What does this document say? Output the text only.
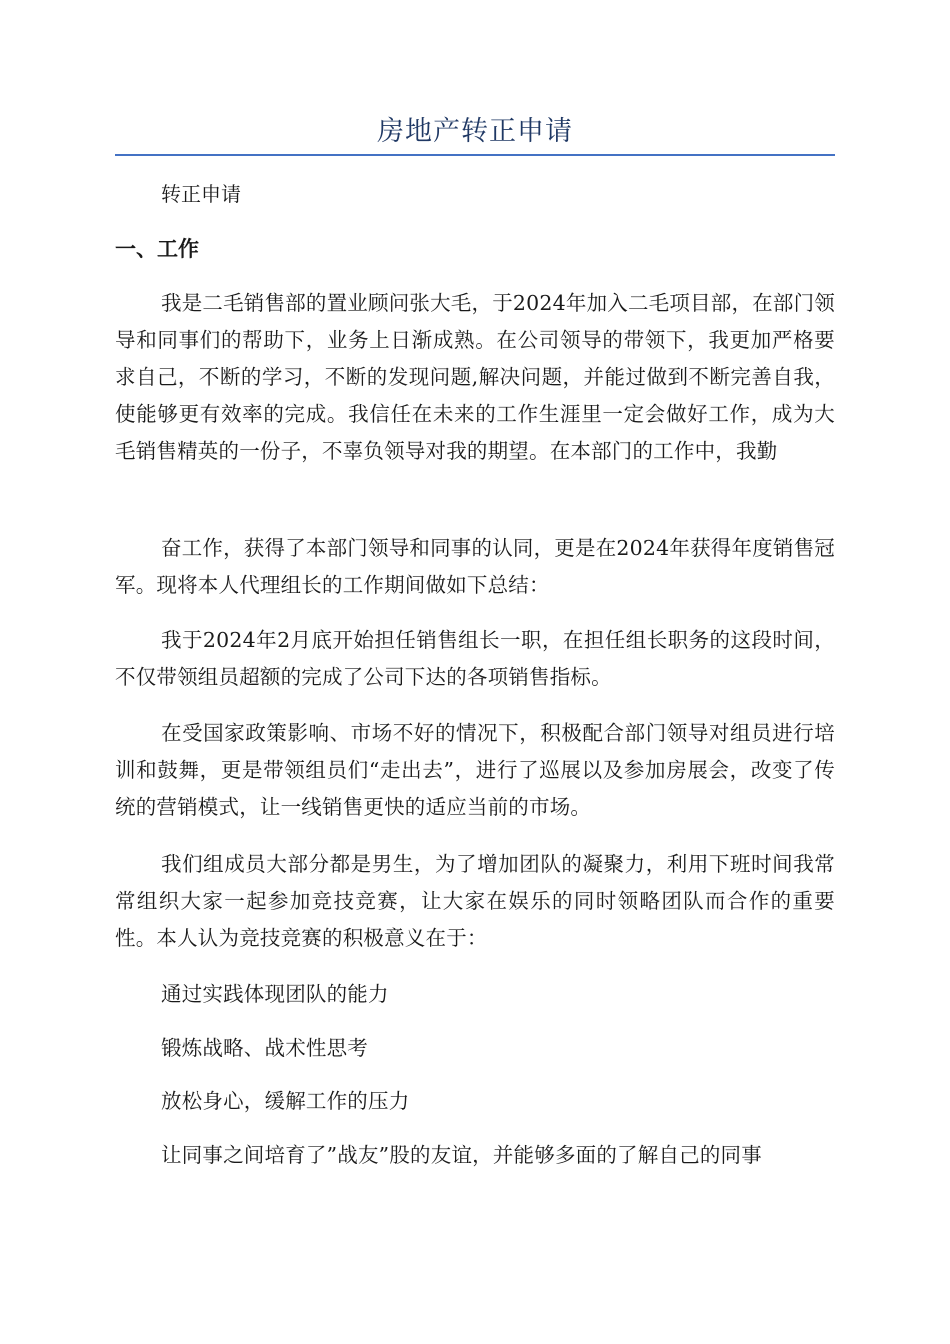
房地产转正申请
转正申请
一、工作

我是二毛销售部的置业顾问张大毛，于2024年加入二毛项目部，在部门领导和同事们的帮助下，业务上日渐成熟。在公司领导的带领下，我更加严格要求自己，不断的学习，不断的发现问题,解决问题，并能过做到不断完善自我，使能够更有效率的完成。我信任在未来的工作生涯里一定会做好工作，成为大毛销售精英的一份子，不辜负领导对我的期望。在本部门的工作中，我勤

奋工作，获得了本部门领导和同事的认同，更是在2024年获得年度销售冠军。现将本人代理组长的工作期间做如下总结：

我于2024年2月底开始担任销售组长一职，在担任组长职务的这段时间，不仅带领组员超额的完成了公司下达的各项销售指标。

在受国家政策影响、市场不好的情况下，积极配合部门领导对组员进行培训和鼓舞，更是带领组员们“走出去”，进行了巡展以及参加房展会，改变了传统的营销模式，让一线销售更快的适应当前的市场。

我们组成员大部分都是男生，为了增加团队的凝聚力，利用下班时间我常常组织大家一起参加竞技竞赛，让大家在娱乐的同时领略团队而合作的重要性。本人认为竞技竞赛的积极意义在于：

通过实践体现团队的能力

锻炼战略、战术性思考

放松身心，缓解工作的压力

让同事之间培育了”战友”股的友谊，并能够多面的了解自己的同事
